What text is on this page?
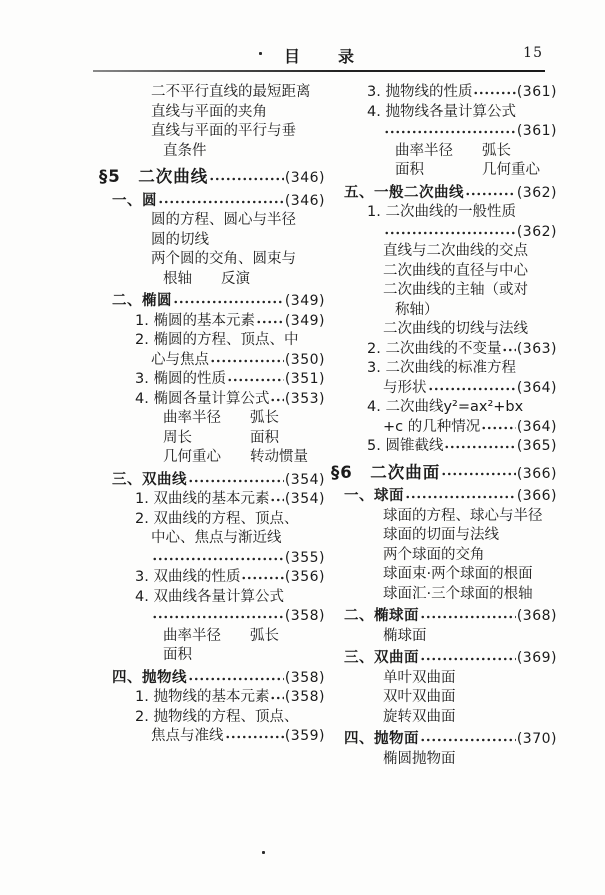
目　　录	15
二不平行直线的最短距离
直线与平面的夹角
直线与平面的平行与垂
直条件
§5　二次曲线	(346)
一、圆	(346)
圆的方程、圆心与半径
圆的切线
两个圆的交角、圆束与
根轴　　反演
二、椭圆	(349)
1. 椭圆的基本元素 (349)
2. 椭圆的方程、顶点、中
心与焦点	(350)
3. 椭圆的性质	(351)
4. 椭圆各量计算公式 (353)
曲率半径　　弧长
周长　　　　面积
几何重心　　转动惯量
三、双曲线	(354)
1. 双曲线的基本元素 (354)
2. 双曲线的方程、顶点、
中心、焦点与渐近线
(355)
3. 双曲线的性质	(356)
4. 双曲线各量计算公式
(358)
曲率半径　　弧长
面积
四、抛物线	(358)
1. 抛物线的基本元素 (358)
2. 抛物线的方程、顶点、
焦点与准线	(359)
3. 抛物线的性质	(361)
4. 抛物线各量计算公式
(361)
曲率半径　　弧长
面积　　　　几何重心
五、一般二次曲线	(362)
1. 二次曲线的一般性质
(362)
直线与二次曲线的交点
二次曲线的直径与中心
二次曲线的主轴（或对
称轴）
二次曲线的切线与法线
2. 二次曲线的不变量 (363)
3. 二次曲线的标准方程
与形状	(364)
4. 二次曲线y²=ax²+bx
+c 的几种情况	(364)
5. 圆锥截线	(365)
§6　二次曲面	(366)
一、球面	(366)
球面的方程、球心与半径
球面的切面与法线
两个球面的交角
球面束·两个球面的根面
球面汇·三个球面的根轴
二、椭球面	(368)
椭球面
三、双曲面	(369)
单叶双曲面
双叶双曲面
旋转双曲面
四、抛物面	(370)
椭圆抛物面
